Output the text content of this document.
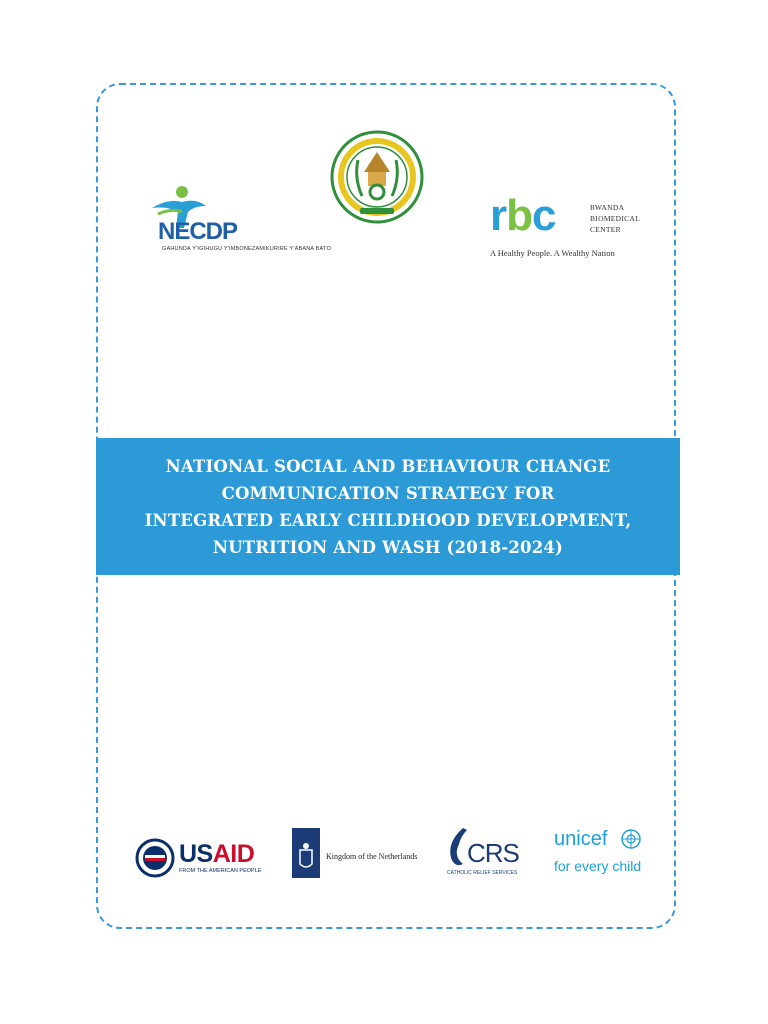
NECDP
GAHUNDA Y'IGIHUGU Y'IMBONEZAMIKURIRE Y'ABANA BATO
rbc	RWANDA
BIOMEDICAL
CENTER
A Healthy People. A Wealthy Nation
NATIONAL SOCIAL AND BEHAVIOUR CHANGE
COMMUNICATION STRATEGY FOR
INTEGRATED EARLY CHILDHOOD DEVELOPMENT,
NUTRITION AND WASH (2018-2024)
USAID
FROM THE AMERICAN PEOPLE
Kingdom of the Netherlands CRS
CATHOLIC RELIEF SERVICES
unicef
for every child
